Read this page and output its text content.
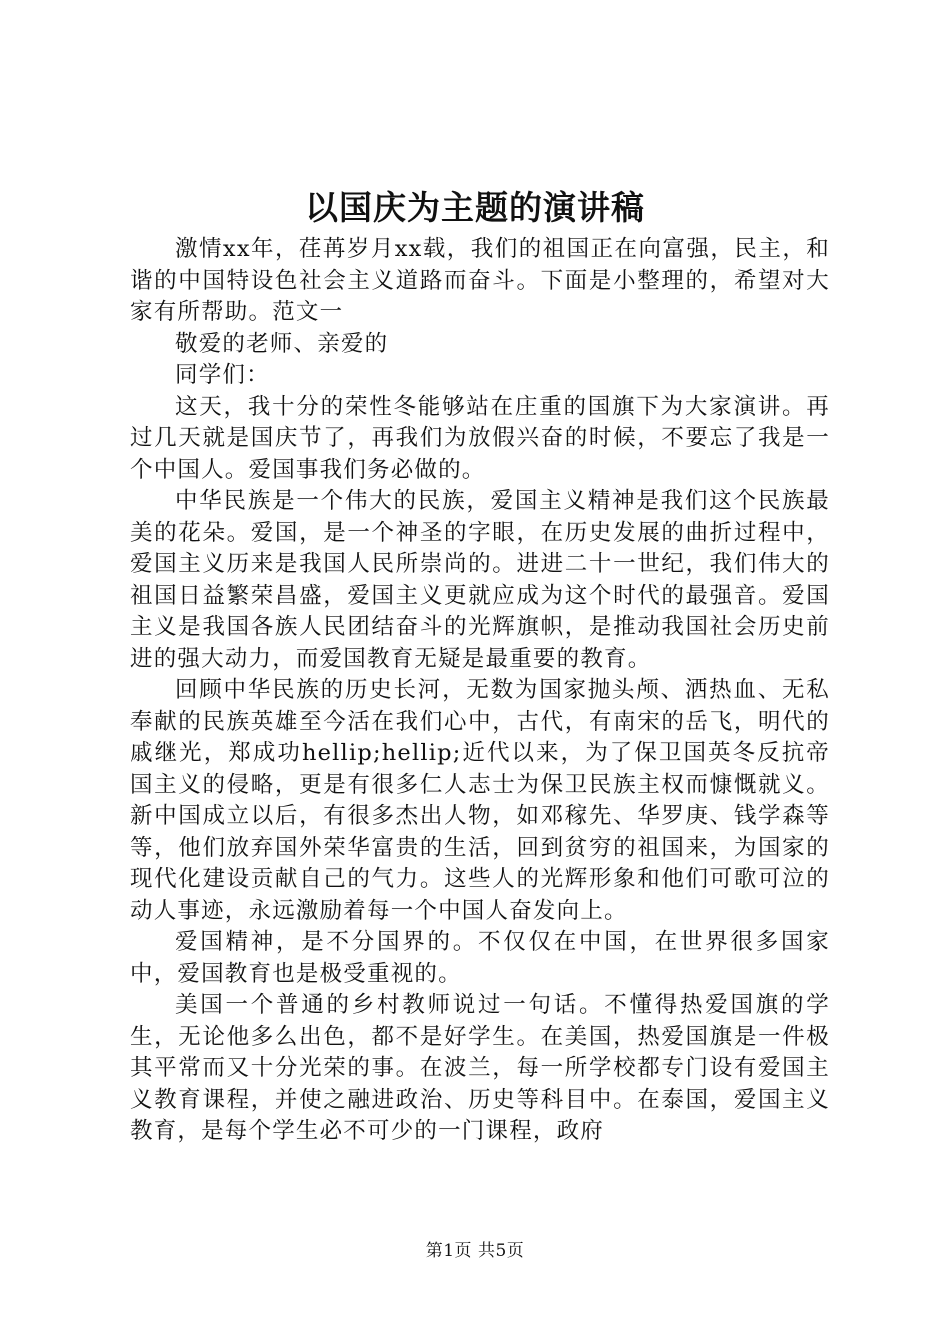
以国庆为主题的演讲稿

激情xx年，荏苒岁月xx载，我们的祖国正在向富强，民主，和谐的中国特设色社会主义道路而奋斗。下面是小整理的，希望对大家有所帮助。范文一

敬爱的老师、亲爱的

同学们：

这天，我十分的荣性冬能够站在庄重的国旗下为大家演讲。再过几天就是国庆节了，再我们为放假兴奋的时候，不要忘了我是一个中国人。爱国事我们务必做的。

中华民族是一个伟大的民族，爱国主义精神是我们这个民族最美的花朵。爱国，是一个神圣的字眼，在历史发展的曲折过程中，爱国主义历来是我国人民所崇尚的。进进二十一世纪，我们伟大的祖国日益繁荣昌盛，爱国主义更就应成为这个时代的最强音。爱国主义是我国各族人民团结奋斗的光辉旗帜，是推动我国社会历史前进的强大动力，而爱国教育无疑是最重要的教育。

回顾中华民族的历史长河，无数为国家抛头颅、洒热血、无私奉献的民族英雄至今活在我们心中，古代，有南宋的岳飞，明代的戚继光，郑成功hellip;hellip;近代以来，为了保卫国英冬反抗帝国主义的侵略，更是有很多仁人志士为保卫民族主权而慷慨就义。新中国成立以后，有很多杰出人物，如邓稼先、华罗庚、钱学森等等，他们放弃国外荣华富贵的生活，回到贫穷的祖国来，为国家的现代化建设贡献自己的气力。这些人的光辉形象和他们可歌可泣的动人事迹，永远激励着每一个中国人奋发向上。

爱国精神，是不分国界的。不仅仅在中国，在世界很多国家中，爱国教育也是极受重视的。

美国一个普通的乡村教师说过一句话。不懂得热爱国旗的学生，无论他多么出色，都不是好学生。在美国，热爱国旗是一件极其平常而又十分光荣的事。在波兰，每一所学校都专门设有爱国主义教育课程，并使之融进政治、历史等科目中。在泰国，爱国主义教育，是每个学生必不可少的一门课程，政府

第1页 共5页
